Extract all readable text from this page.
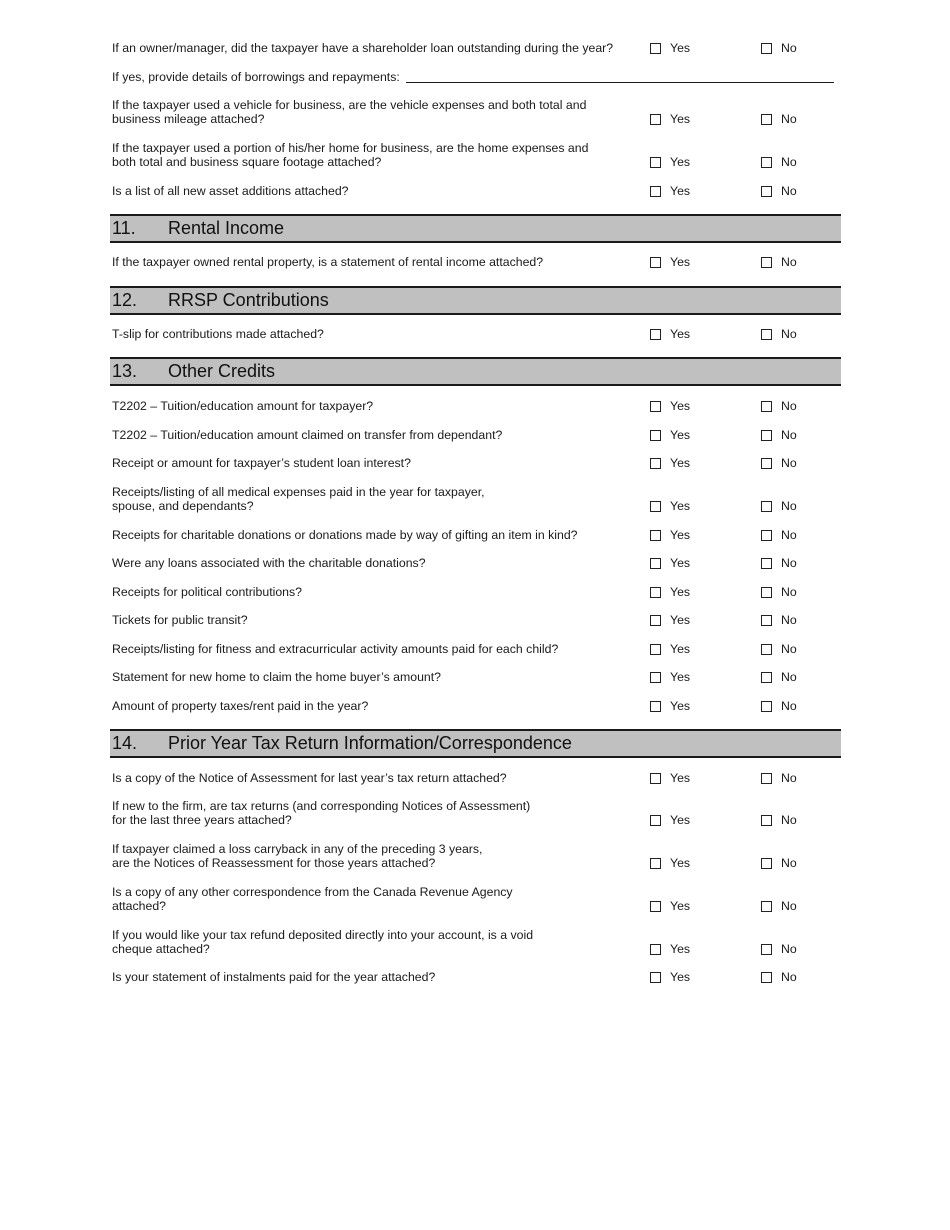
If an owner/manager, did the taxpayer have a shareholder loan outstanding during the year?	Yes	No
If the taxpayer used a vehicle for business, are the vehicle expenses and both total and
business mileage attached?	Yes	No
If the taxpayer used a portion of his/her home for business, are the home expenses and
both total and business square footage attached?	Yes	No
Is a list of all new asset additions attached?	Yes	No
If yes, provide details of borrowings and repayments:
11.	Rental Income
If the taxpayer owned rental property, is a statement of rental income attached?	Yes	No
12.	RRSP Contributions
T-slip for contributions made attached?	Yes	No
13.	Other Credits
T2202 – Tuition/education amount for taxpayer?	Yes	No
T2202 – Tuition/education amount claimed on transfer from dependant?	Yes	No
Receipt or amount for taxpayer’s student loan interest?	Yes	No
Receipts/listing of all medical expenses paid in the year for taxpayer,
spouse, and dependants?	Yes	No
Receipts for charitable donations or donations made by way of gifting an item in kind?	Yes	No
Were any loans associated with the charitable donations?	Yes	No
Receipts for political contributions?	Yes	No
Tickets for public transit?	Yes	No
Receipts/listing for fitness and extracurricular activity amounts paid for each child?	Yes	No
Statement for new home to claim the home buyer’s amount?	Yes	No
Amount of property taxes/rent paid in the year?	Yes	No
14.	Prior Year Tax Return Information/Correspondence
Is a copy of the Notice of Assessment for last year’s tax return attached?	Yes	No
If new to the firm, are tax returns (and corresponding Notices of Assessment)
for the last three years attached?	Yes	No
If taxpayer claimed a loss carryback in any of the preceding 3 years,
are the Notices of Reassessment for those years attached?	Yes	No
Is a copy of any other correspondence from the Canada Revenue Agency
attached?	Yes	No
If you would like your tax refund deposited directly into your account, is a void
cheque attached?	Yes	No
Is your statement of instalments paid for the year attached?	Yes	No
